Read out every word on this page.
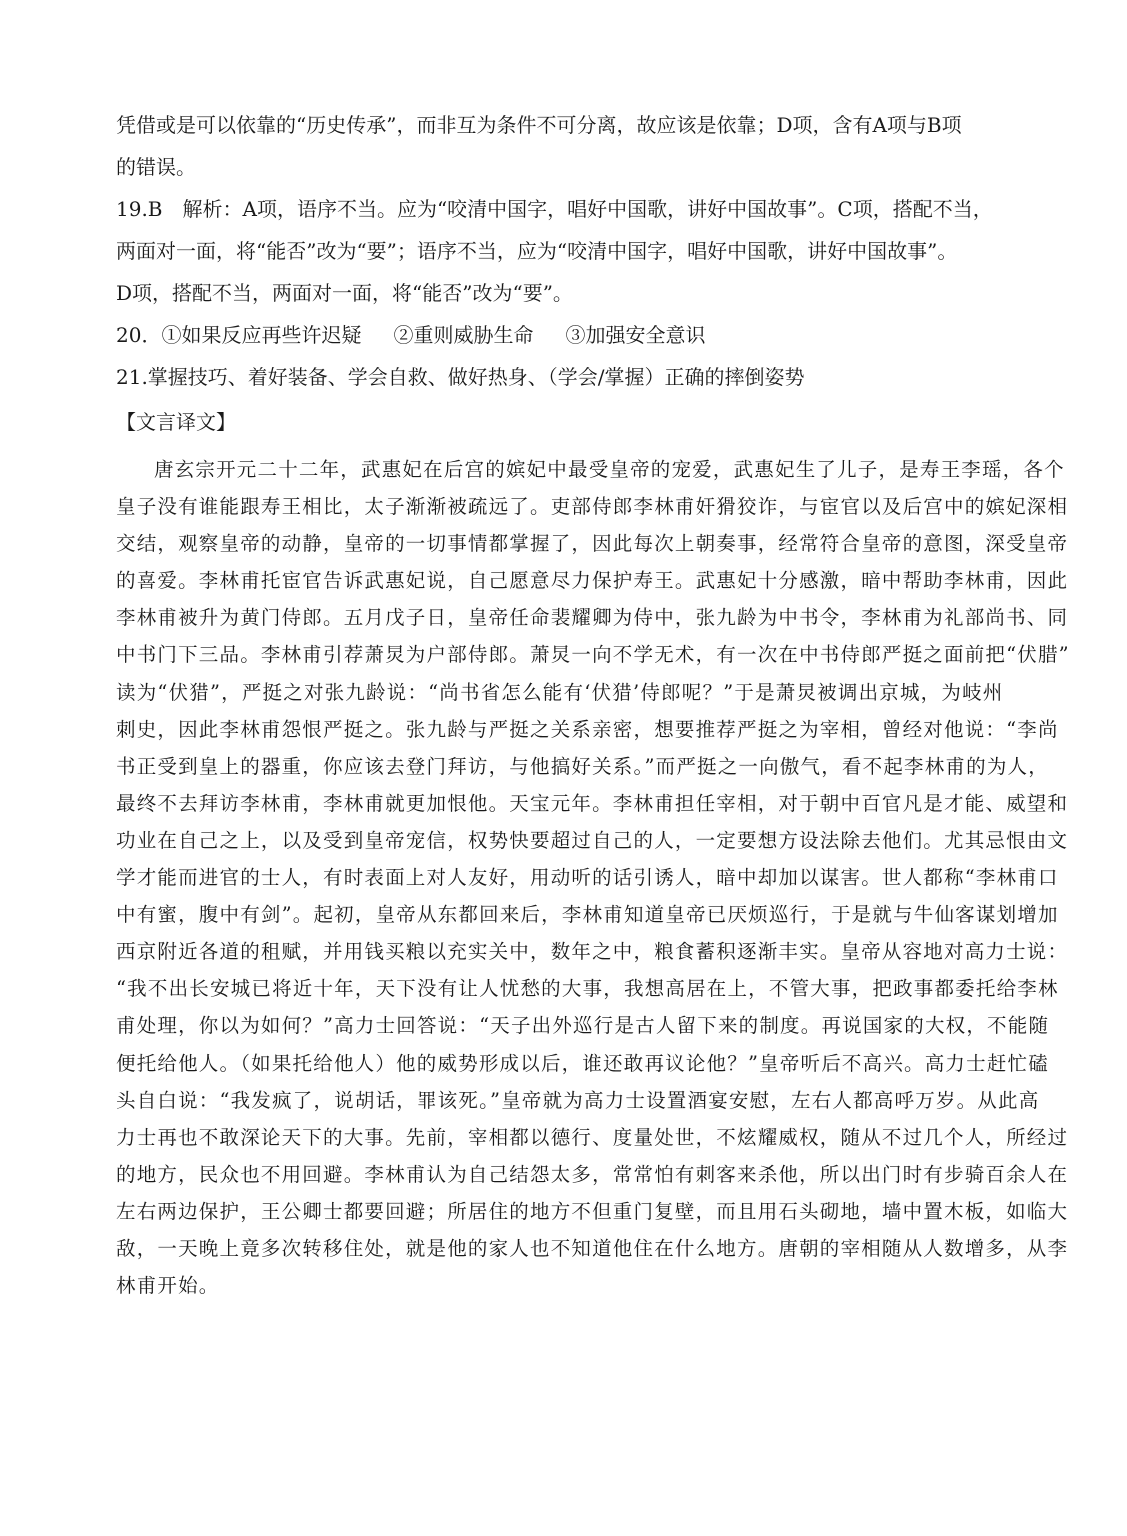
凭借或是可以依靠的“历史传承”，而非互为条件不可分离，故应该是依靠；D项，含有A项与B项

的错误。

19.B　解析：A项，语序不当。应为“咬清中国字，唱好中国歌，讲好中国故事”。C项，搭配不当，

两面对一面，将“能否”改为“要”；语序不当，应为“咬清中国字，唱好中国歌，讲好中国故事”。

D项，搭配不当，两面对一面，将“能否”改为“要”。

20．①如果反应再些许迟疑 ②重则威胁生命 ③加强安全意识

21.掌握技巧、着好装备、学会自救、做好热身、（学会/掌握）正确的摔倒姿势

【文言译文】

唐玄宗开元二十二年，武惠妃在后宫的嫔妃中最受皇帝的宠爱，武惠妃生了儿子，是寿王李瑶，各个

皇子没有谁能跟寿王相比，太子渐渐被疏远了。吏部侍郎李林甫奸猾狡诈，与宦官以及后宫中的嫔妃深相

交结，观察皇帝的动静，皇帝的一切事情都掌握了，因此每次上朝奏事，经常符合皇帝的意图，深受皇帝

的喜爱。李林甫托宦官告诉武惠妃说，自己愿意尽力保护寿王。武惠妃十分感激，暗中帮助李林甫，因此

李林甫被升为黄门侍郎。五月戊子日，皇帝任命裴耀卿为侍中，张九龄为中书令，李林甫为礼部尚书、同

中书门下三品。李林甫引荐萧炅为户部侍郎。萧炅一向不学无术，有一次在中书侍郎严挺之面前把“伏腊”

读为“伏猎”，严挺之对张九龄说：“尚书省怎么能有‘伏猎’侍郎呢？”于是萧炅被调出京城，为岐州

刺史，因此李林甫怨恨严挺之。张九龄与严挺之关系亲密，想要推荐严挺之为宰相，曾经对他说：“李尚

书正受到皇上的器重，你应该去登门拜访，与他搞好关系。”而严挺之一向傲气，看不起李林甫的为人，

最终不去拜访李林甫，李林甫就更加恨他。天宝元年。李林甫担任宰相，对于朝中百官凡是才能、威望和

功业在自己之上，以及受到皇帝宠信，权势快要超过自己的人，一定要想方设法除去他们。尤其忌恨由文

学才能而进官的士人，有时表面上对人友好，用动听的话引诱人，暗中却加以谋害。世人都称“李林甫口

中有蜜，腹中有剑”。起初，皇帝从东都回来后，李林甫知道皇帝已厌烦巡行，于是就与牛仙客谋划增加

西京附近各道的租赋，并用钱买粮以充实关中，数年之中，粮食蓄积逐渐丰实。皇帝从容地对高力士说：

“我不出长安城已将近十年，天下没有让人忧愁的大事，我想高居在上，不管大事，把政事都委托给李林

甫处理，你以为如何？”高力士回答说：“天子出外巡行是古人留下来的制度。再说国家的大权，不能随

便托给他人。（如果托给他人）他的威势形成以后，谁还敢再议论他？”皇帝听后不高兴。高力士赶忙磕

头自白说：“我发疯了，说胡话，罪该死。”皇帝就为高力士设置酒宴安慰，左右人都高呼万岁。从此高

力士再也不敢深论天下的大事。先前，宰相都以德行、度量处世，不炫耀威权，随从不过几个人，所经过

的地方，民众也不用回避。李林甫认为自己结怨太多，常常怕有刺客来杀他，所以出门时有步骑百余人在

左右两边保护，王公卿士都要回避；所居住的地方不但重门复壁，而且用石头砌地，墙中置木板，如临大

敌，一天晚上竟多次转移住处，就是他的家人也不知道他住在什么地方。唐朝的宰相随从人数增多，从李

林甫开始。
